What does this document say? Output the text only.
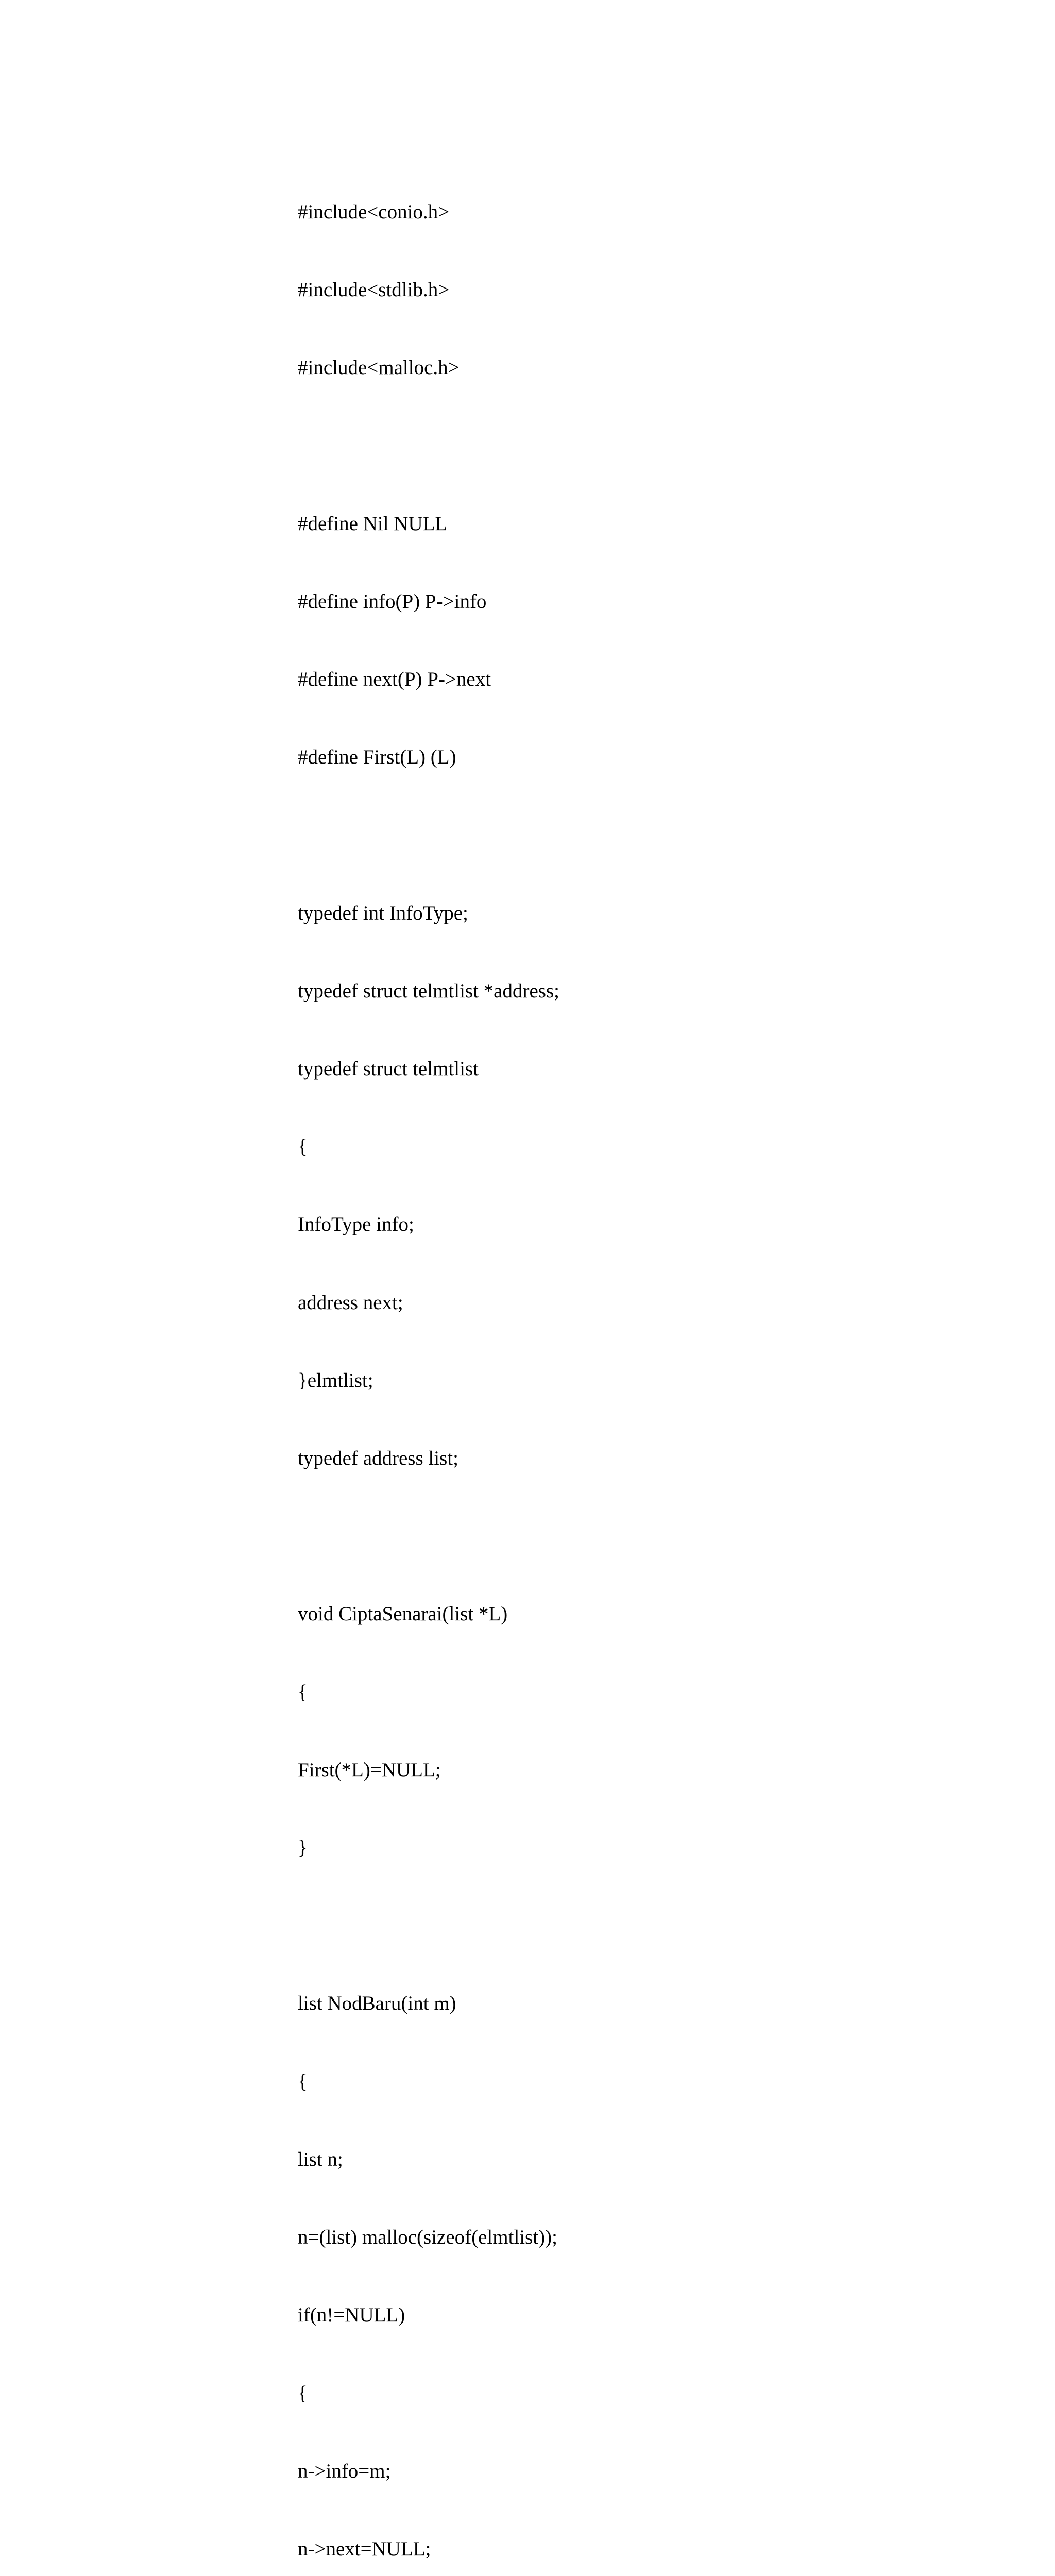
#include<conio.h>

#include<stdlib.h>

#include<malloc.h>

#define Nil NULL

#define info(P) P->info

#define next(P) P->next

#define First(L) (L)

typedef int InfoType;

typedef struct telmtlist *address;

typedef struct telmtlist

{

InfoType info;

address next;

}elmtlist;

typedef address list;

void CiptaSenarai(list *L)

{

First(*L)=NULL;

}

list NodBaru(int m)

{

list n;

n=(list) malloc(sizeof(elmtlist));

if(n!=NULL)

{

n->info=m;

n->next=NULL;
